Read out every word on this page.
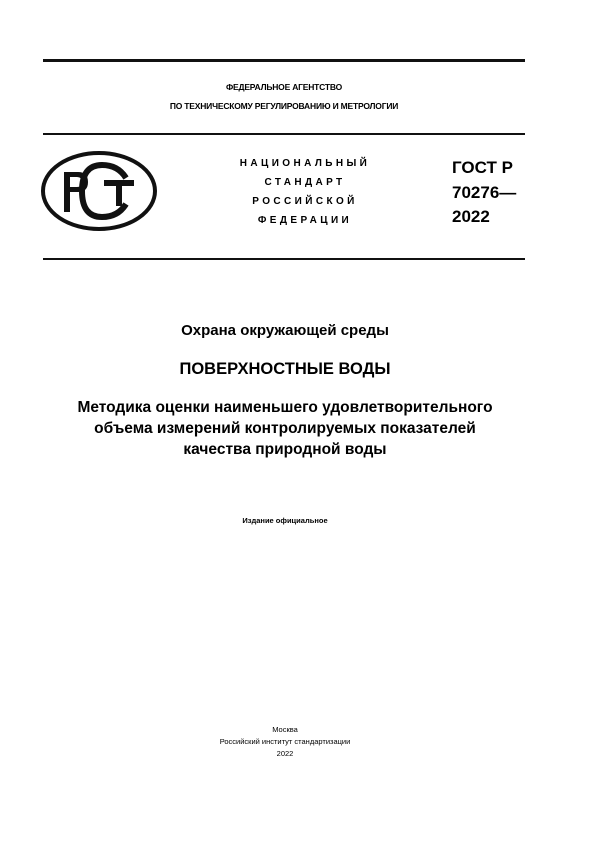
ФЕДЕРАЛЬНОЕ АГЕНТСТВО
ПО ТЕХНИЧЕСКОМУ РЕГУЛИРОВАНИЮ И МЕТРОЛОГИИ
НАЦИОНАЛЬНЫЙ
СТАНДАРТ
РОССИЙСКОЙ
ФЕДЕРАЦИИ
ГОСТ Р
70276—
2022
Охрана окружающей среды
ПОВЕРХНОСТНЫЕ ВОДЫ
Методика оценки наименьшего удовлетворительного
объема измерений контролируемых показателей
качества природной воды
Издание официальное
Москва
Российский институт стандартизации
2022
